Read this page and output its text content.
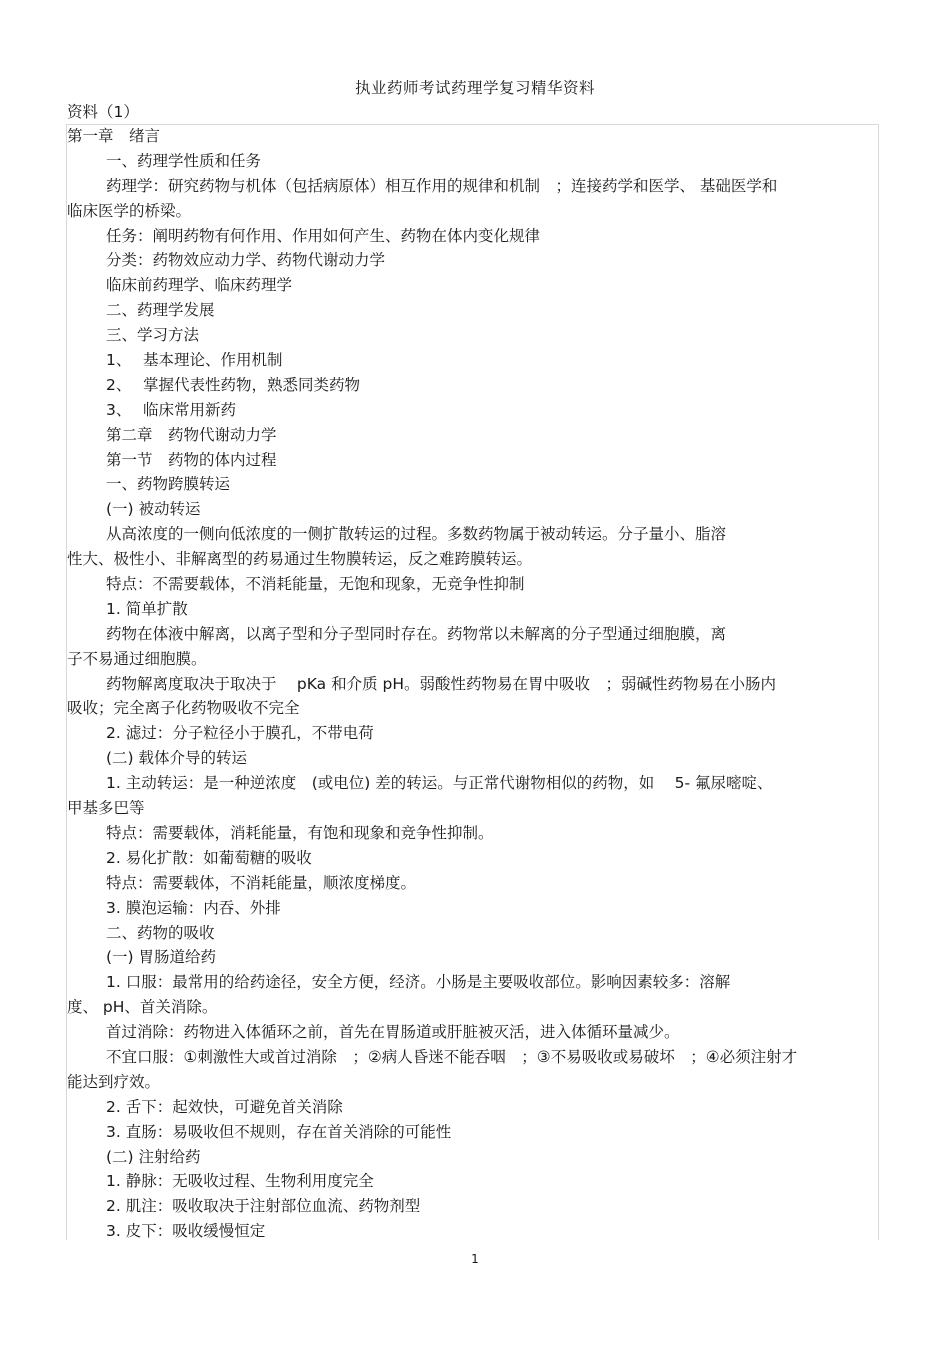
执业药师考试药理学复习精华资料
资料（1）
第一章　绪言
一、药理学性质和任务
药理学：研究药物与机体（包括病原体）相互作用的规律和机制　；连接药学和医学、 基础医学和
临床医学的桥梁。
任务：阐明药物有何作用、作用如何产生、药物在体内变化规律
分类：药物效应动力学、药物代谢动力学
临床前药理学、临床药理学
二、药理学发展
三、学习方法
1、 基本理论、作用机制
2、 掌握代表性药物，熟悉同类药物
3、 临床常用新药
第二章　药物代谢动力学
第一节　药物的体内过程
一、药物跨膜转运
(一) 被动转运
从高浓度的一侧向低浓度的一侧扩散转运的过程。多数药物属于被动转运。分子量小、脂溶
性大、极性小、非解离型的药易通过生物膜转运，反之难跨膜转运。
特点：不需要载体，不消耗能量，无饱和现象，无竞争性抑制
1. 简单扩散
药物在体液中解离，以离子型和分子型同时存在。药物常以未解离的分子型通过细胞膜，离
子不易通过细胞膜。
药物解离度取决于取决于　 pKa 和介质 pH。弱酸性药物易在胃中吸收　；弱碱性药物易在小肠内
吸收；完全离子化药物吸收不完全
2. 滤过：分子粒径小于膜孔，不带电荷
(二) 载体介导的转运
1. 主动转运：是一种逆浓度　(或电位) 差的转运。与正常代谢物相似的药物，如　 5- 氟尿嘧啶、
甲基多巴等
特点：需要载体，消耗能量，有饱和现象和竞争性抑制。
2. 易化扩散：如葡萄糖的吸收
特点：需要载体，不消耗能量，顺浓度梯度。
3. 膜泡运输：内吞、外排
二、药物的吸收
(一) 胃肠道给药
1. 口服：最常用的给药途径，安全方便，经济。小肠是主要吸收部位。影响因素较多：溶解
度、 pH、首关消除。
首过消除：药物进入体循环之前，首先在胃肠道或肝脏被灭活，进入体循环量减少。
不宜口服：①刺激性大或首过消除　；②病人昏迷不能吞咽　；③不易吸收或易破坏　；④必须注射才
能达到疗效。
2. 舌下：起效快，可避免首关消除
3. 直肠：易吸收但不规则，存在首关消除的可能性
(二) 注射给药
1. 静脉：无吸收过程、生物利用度完全
2. 肌注：吸收取决于注射部位血流、药物剂型
3. 皮下：吸收缓慢恒定
1
